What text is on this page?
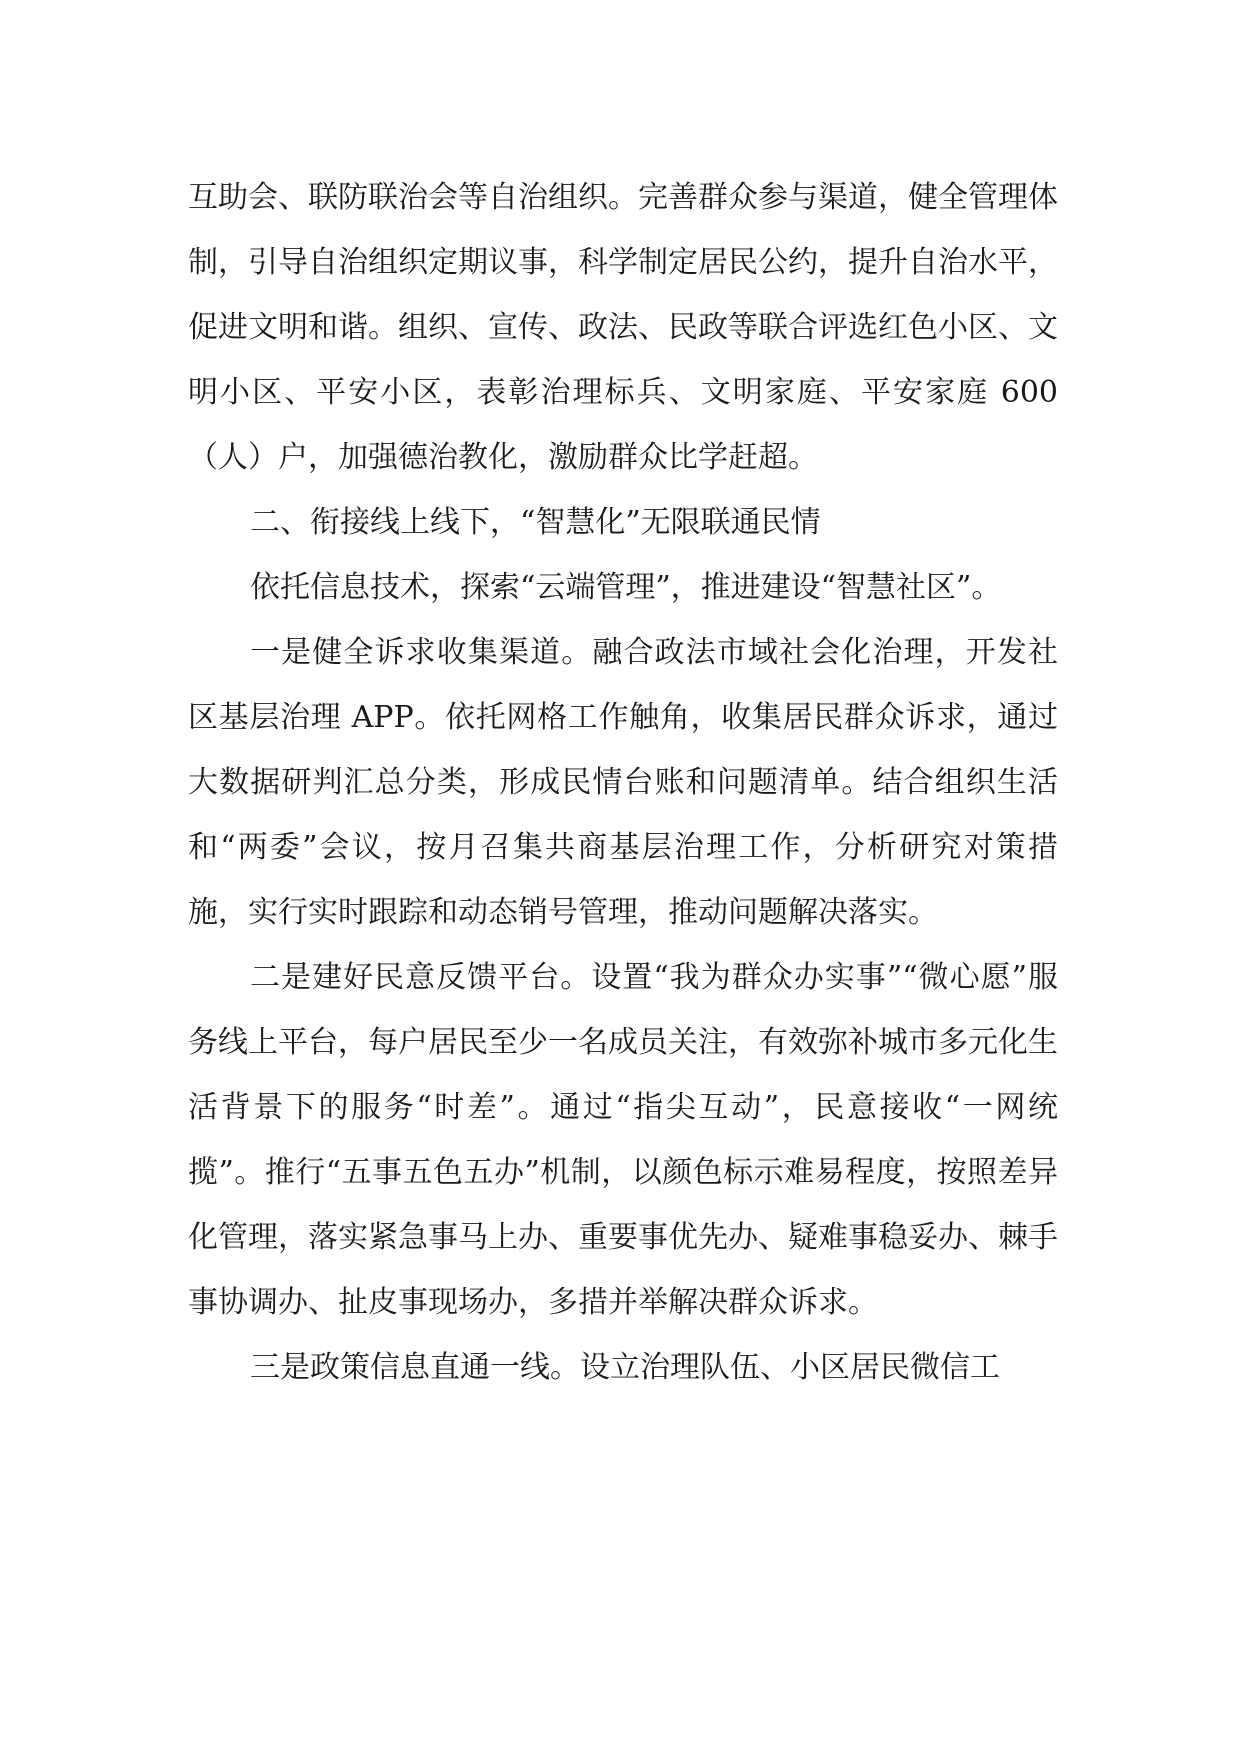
互助会、联防联治会等自治组织。完善群众参与渠道，健全管理体制，引导自治组织定期议事，科学制定居民公约，提升自治水平，促进文明和谐。组织、宣传、政法、民政等联合评选红色小区、文明小区、平安小区，表彰治理标兵、文明家庭、平安家庭 600（人）户，加强德治教化，激励群众比学赶超。

二、衔接线上线下，“智慧化”无限联通民情

依托信息技术，探索“云端管理”，推进建设“智慧社区”。

一是健全诉求收集渠道。融合政法市域社会化治理，开发社区基层治理 APP。依托网格工作触角，收集居民群众诉求，通过大数据研判汇总分类，形成民情台账和问题清单。结合组织生活和“两委”会议，按月召集共商基层治理工作，分析研究对策措施，实行实时跟踪和动态销号管理，推动问题解决落实。

二是建好民意反馈平台。设置“我为群众办实事”“微心愿”服务线上平台，每户居民至少一名成员关注，有效弥补城市多元化生活背景下的服务“时差”。通过“指尖互动”，民意接收“一网统揽”。推行“五事五色五办”机制，以颜色标示难易程度，按照差异化管理，落实紧急事马上办、重要事优先办、疑难事稳妥办、棘手事协调办、扯皮事现场办，多措并举解决群众诉求。

三是政策信息直通一线。设立治理队伍、小区居民微信工
